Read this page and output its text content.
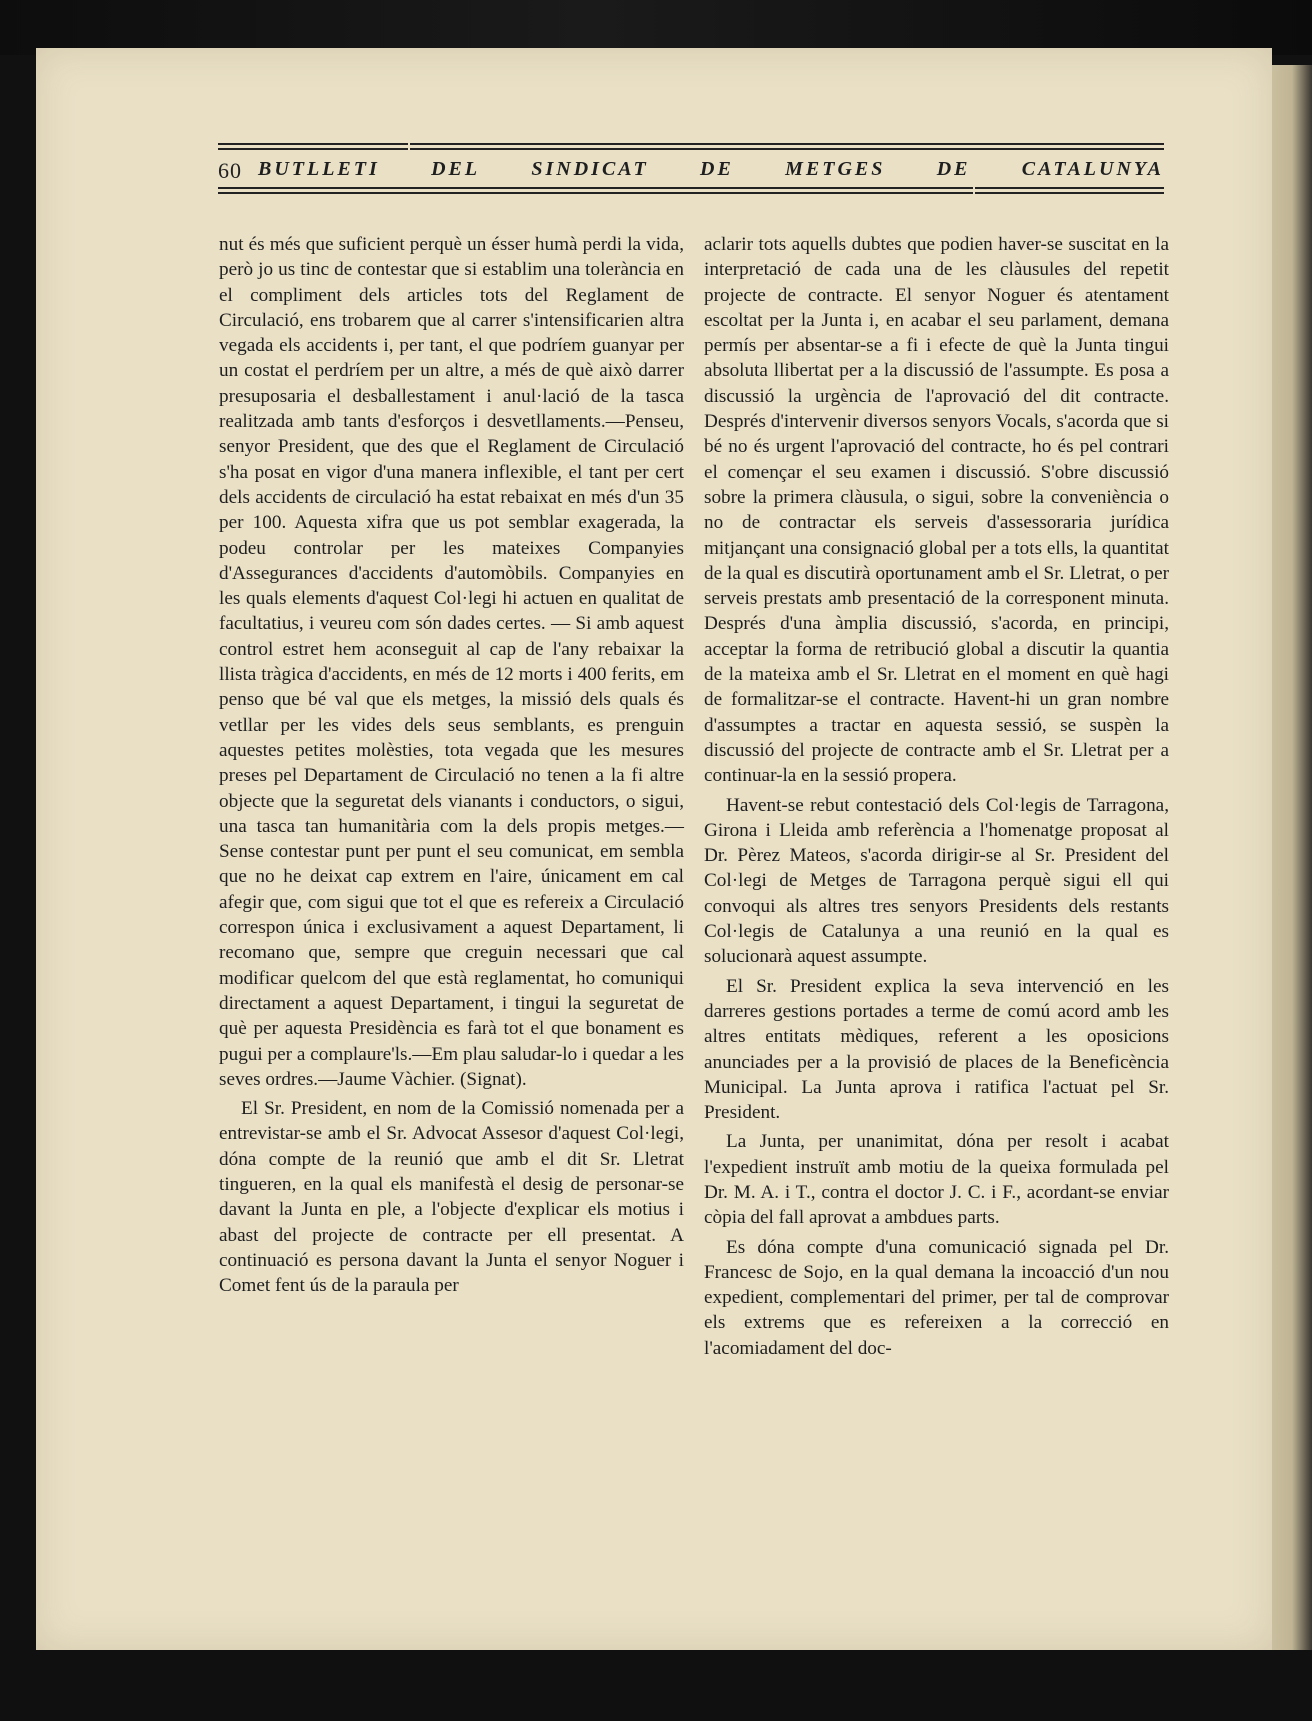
60 BUTLLETI	DEL	SINDICAT	DE	METGES	DE	CATALUNYA

nut és més que suficient perquè un ésser humà perdi la vida, però jo us tinc de contestar que si establim una tolerància en el compliment dels articles tots del Reglament de Circulació, ens trobarem que al carrer s'intensificarien altra vegada els accidents i, per tant, el que podríem guanyar per un costat el perdríem per un altre, a més de què això darrer presuposaria el desballestament i anul·lació de la tasca realitzada amb tants d'esforços i desvetllaments.—Penseu, senyor President, que des que el Reglament de Circulació s'ha posat en vigor d'una manera inflexible, el tant per cert dels accidents de circulació ha estat rebaixat en més d'un 35 per 100. Aquesta xifra que us pot semblar exagerada, la podeu controlar per les mateixes Companyies d'Assegurances d'accidents d'automòbils. Companyies en les quals elements d'aquest Col·legi hi actuen en qualitat de facultatius, i veureu com són dades certes. — Si amb aquest control estret hem aconseguit al cap de l'any rebaixar la llista tràgica d'accidents, en més de 12 morts i 400 ferits, em penso que bé val que els metges, la missió dels quals és vetllar per les vides dels seus semblants, es prenguin aquestes petites molèsties, tota vegada que les mesures preses pel Departament de Circulació no tenen a la fi altre objecte que la seguretat dels vianants i conductors, o sigui, una tasca tan humanitària com la dels propis metges.—Sense contestar punt per punt el seu comunicat, em sembla que no he deixat cap extrem en l'aire, únicament em cal afegir que, com sigui que tot el que es refereix a Circulació correspon única i exclusivament a aquest Departament, li recomano que, sempre que creguin necessari que cal modificar quelcom del que està reglamentat, ho comuniqui directament a aquest Departament, i tingui la seguretat de què per aquesta Presidència es farà tot el que bonament es pugui per a complaure'ls.—Em plau saludar-lo i quedar a les seves ordres.—Jaume Vàchier. (Signat).

El Sr. President, en nom de la Comissió nomenada per a entrevistar-se amb el Sr. Advocat Assesor d'aquest Col·legi, dóna compte de la reunió que amb el dit Sr. Lletrat tingueren, en la qual els manifestà el desig de personar-se davant la Junta en ple, a l'objecte d'explicar els motius i abast del projecte de contracte per ell presentat. A continuació es persona davant la Junta el senyor Noguer i Comet fent ús de la paraula per

aclarir tots aquells dubtes que podien haver-se suscitat en la interpretació de cada una de les clàusules del repetit projecte de contracte. El senyor Noguer és atentament escoltat per la Junta i, en acabar el seu parlament, demana permís per absentar-se a fi i efecte de què la Junta tingui absoluta llibertat per a la discussió de l'assumpte. Es posa a discussió la urgència de l'aprovació del dit contracte. Després d'intervenir diversos senyors Vocals, s'acorda que si bé no és urgent l'aprovació del contracte, ho és pel contrari el començar el seu examen i discussió. S'obre discussió sobre la primera clàusula, o sigui, sobre la conveniència o no de contractar els serveis d'assessoraria jurídica mitjançant una consignació global per a tots ells, la quantitat de la qual es discutirà oportunament amb el Sr. Lletrat, o per serveis prestats amb presentació de la corresponent minuta. Després d'una àmplia discussió, s'acorda, en principi, acceptar la forma de retribució global a discutir la quantia de la mateixa amb el Sr. Lletrat en el moment en què hagi de formalitzar-se el contracte. Havent-hi un gran nombre d'assumptes a tractar en aquesta sessió, se suspèn la discussió del projecte de contracte amb el Sr. Lletrat per a continuar-la en la sessió propera.

Havent-se rebut contestació dels Col·legis de Tarragona, Girona i Lleida amb referència a l'homenatge proposat al Dr. Pèrez Mateos, s'acorda dirigir-se al Sr. President del Col·legi de Metges de Tarragona perquè sigui ell qui convoqui als altres tres senyors Presidents dels restants Col·legis de Catalunya a una reunió en la qual es solucionarà aquest assumpte.

El Sr. President explica la seva intervenció en les darreres gestions portades a terme de comú acord amb les altres entitats mèdiques, referent a les oposicions anunciades per a la provisió de places de la Beneficència Municipal. La Junta aprova i ratifica l'actuat pel Sr. President.

La Junta, per unanimitat, dóna per resolt i acabat l'expedient instruït amb motiu de la queixa formulada pel Dr. M. A. i T., contra el doctor J. C. i F., acordant-se enviar còpia del fall aprovat a ambdues parts.

Es dóna compte d'una comunicació signada pel Dr. Francesc de Sojo, en la qual demana la incoacció d'un nou expedient, complementari del primer, per tal de comprovar els extrems que es refereixen a la correcció en l'acomiadament del doc-
